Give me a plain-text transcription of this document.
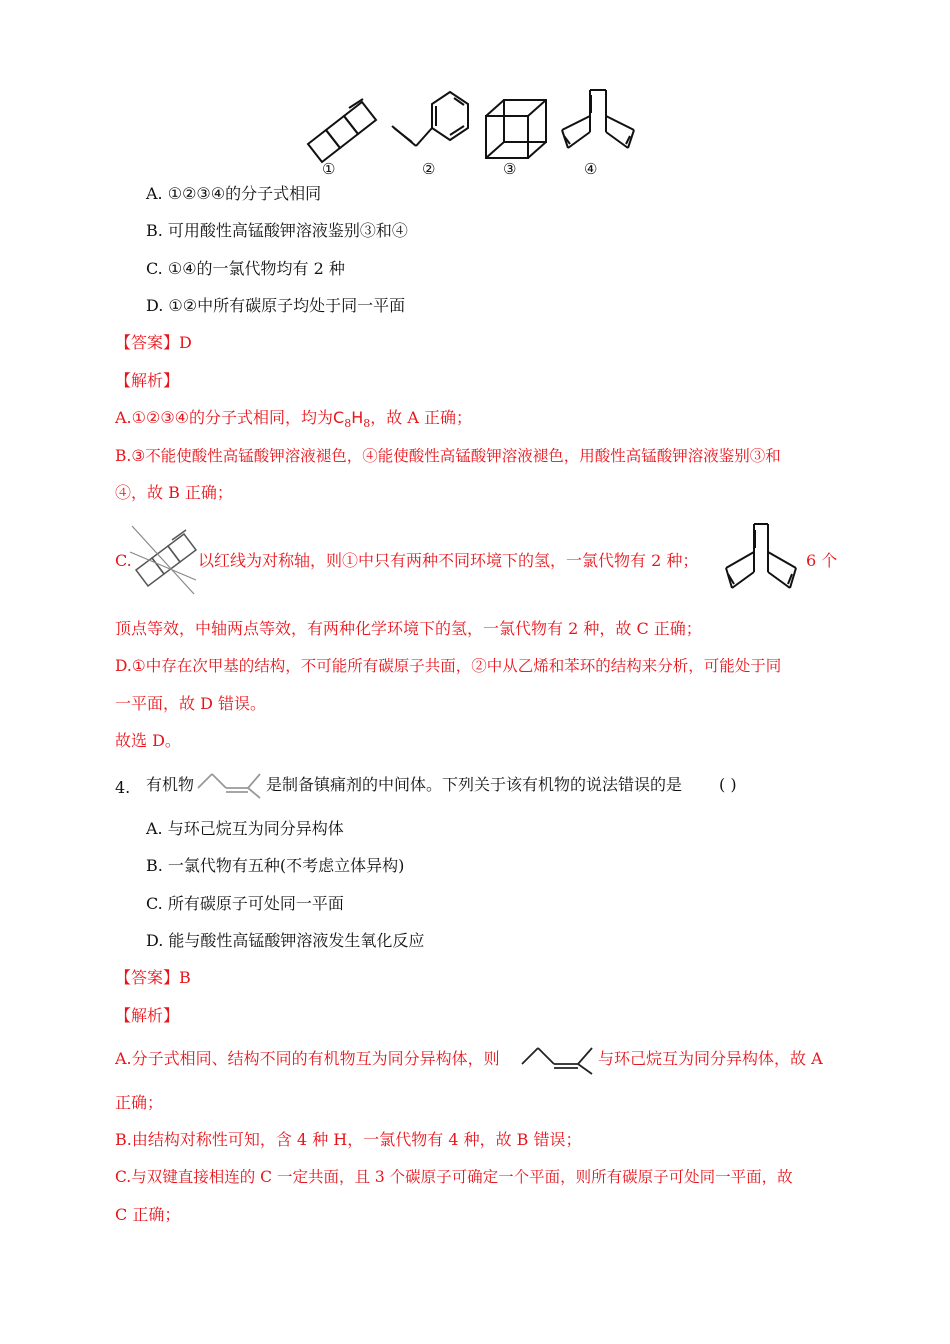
①	②	③	④
A. ①②③④的分子式相同
B. 可用酸性高锰酸钾溶液鉴别③和④
C. ①④的一氯代物均有 2 种
D. ①②中所有碳原子均处于同一平面
【答案】D
【解析】
A.①②③④的分子式相同，均为$C_8H_8$，故 A 正确；
B.③不能使酸性高锰酸钾溶液褪色，④能使酸性高锰酸钾溶液褪色，用酸性高锰酸钾溶液鉴别③和
④，故 B 正确；
C.	以红线为对称轴，则①中只有两种不同环境下的氢，一氯代物有 2 种；	6 个
顶点等效，中轴两点等效，有两种化学环境下的氢，一氯代物有 2 种，故 C 正确；
D.①中存在次甲基的结构，不可能所有碳原子共面，②中从乙烯和苯环的结构来分析，可能处于同
一平面，故 D 错误。
故选 D。
4. 有机物	是制备镇痛剂的中间体。下列关于该有机物的说法错误的是 ( )
A. 与环己烷互为同分异构体
B. 一氯代物有五种(不考虑立体异构)
C. 所有碳原子可处同一平面
D. 能与酸性高锰酸钾溶液发生氧化反应
【答案】B
【解析】
A.分子式相同、结构不同的有机物互为同分异构体，则	与环己烷互为同分异构体，故 A
正确；
B.由结构对称性可知，含 4 种 H，一氯代物有 4 种，故 B 错误；
C.与双键直接相连的 C 一定共面，且 3 个碳原子可确定一个平面，则所有碳原子可处同一平面，故
C 正确；
